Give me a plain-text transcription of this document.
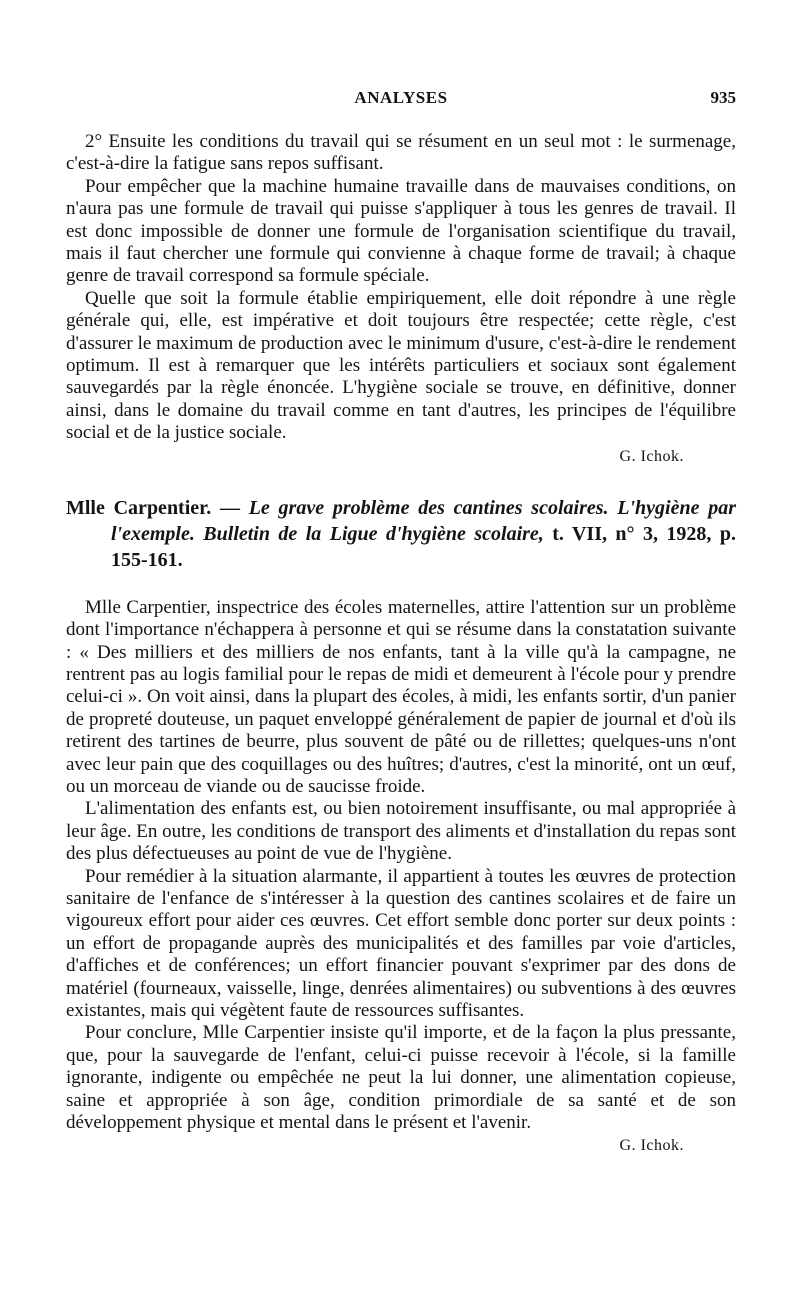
ANALYSES	935

2° Ensuite les conditions du travail qui se résument en un seul mot : le surmenage, c'est-à-dire la fatigue sans repos suffisant.

Pour empêcher que la machine humaine travaille dans de mauvaises conditions, on n'aura pas une formule de travail qui puisse s'appliquer à tous les genres de travail. Il est donc impossible de donner une formule de l'organisation scientifique du travail, mais il faut chercher une formule qui convienne à chaque forme de travail; à chaque genre de travail correspond sa formule spéciale.

Quelle que soit la formule établie empiriquement, elle doit répondre à une règle générale qui, elle, est impérative et doit toujours être respectée; cette règle, c'est d'assurer le maximum de production avec le minimum d'usure, c'est-à-dire le rendement optimum. Il est à remarquer que les intérêts particuliers et sociaux sont également sauvegardés par la règle énoncée. L'hygiène sociale se trouve, en définitive, donner ainsi, dans le domaine du travail comme en tant d'autres, les principes de l'équilibre social et de la justice sociale.

G. Ichok.
Mlle Carpentier. — Le grave problème des cantines scolaires. L'hygiène par l'exemple. Bulletin de la Ligue d'hygiène scolaire, t. VII, n° 3, 1928, p. 155-161.

Mlle Carpentier, inspectrice des écoles maternelles, attire l'attention sur un problème dont l'importance n'échappera à personne et qui se résume dans la constatation suivante : « Des milliers et des milliers de nos enfants, tant à la ville qu'à la campagne, ne rentrent pas au logis familial pour le repas de midi et demeurent à l'école pour y prendre celui-ci ». On voit ainsi, dans la plupart des écoles, à midi, les enfants sortir, d'un panier de propreté douteuse, un paquet enveloppé généralement de papier de journal et d'où ils retirent des tartines de beurre, plus souvent de pâté ou de rillettes; quelques-uns n'ont avec leur pain que des coquillages ou des huîtres; d'autres, c'est la minorité, ont un œuf, ou un morceau de viande ou de saucisse froide.

L'alimentation des enfants est, ou bien notoirement insuffisante, ou mal appropriée à leur âge. En outre, les conditions de transport des aliments et d'installation du repas sont des plus défectueuses au point de vue de l'hygiène.

Pour remédier à la situation alarmante, il appartient à toutes les œuvres de protection sanitaire de l'enfance de s'intéresser à la question des cantines scolaires et de faire un vigoureux effort pour aider ces œuvres. Cet effort semble donc porter sur deux points : un effort de propagande auprès des municipalités et des familles par voie d'articles, d'affiches et de conférences; un effort financier pouvant s'exprimer par des dons de matériel (fourneaux, vaisselle, linge, denrées alimentaires) ou subventions à des œuvres existantes, mais qui végètent faute de ressources suffisantes.

Pour conclure, Mlle Carpentier insiste qu'il importe, et de la façon la plus pressante, que, pour la sauvegarde de l'enfant, celui-ci puisse recevoir à l'école, si la famille ignorante, indigente ou empêchée ne peut la lui donner, une alimentation copieuse, saine et appropriée à son âge, condition primordiale de sa santé et de son développement physique et mental dans le présent et l'avenir.

G. Ichok.
